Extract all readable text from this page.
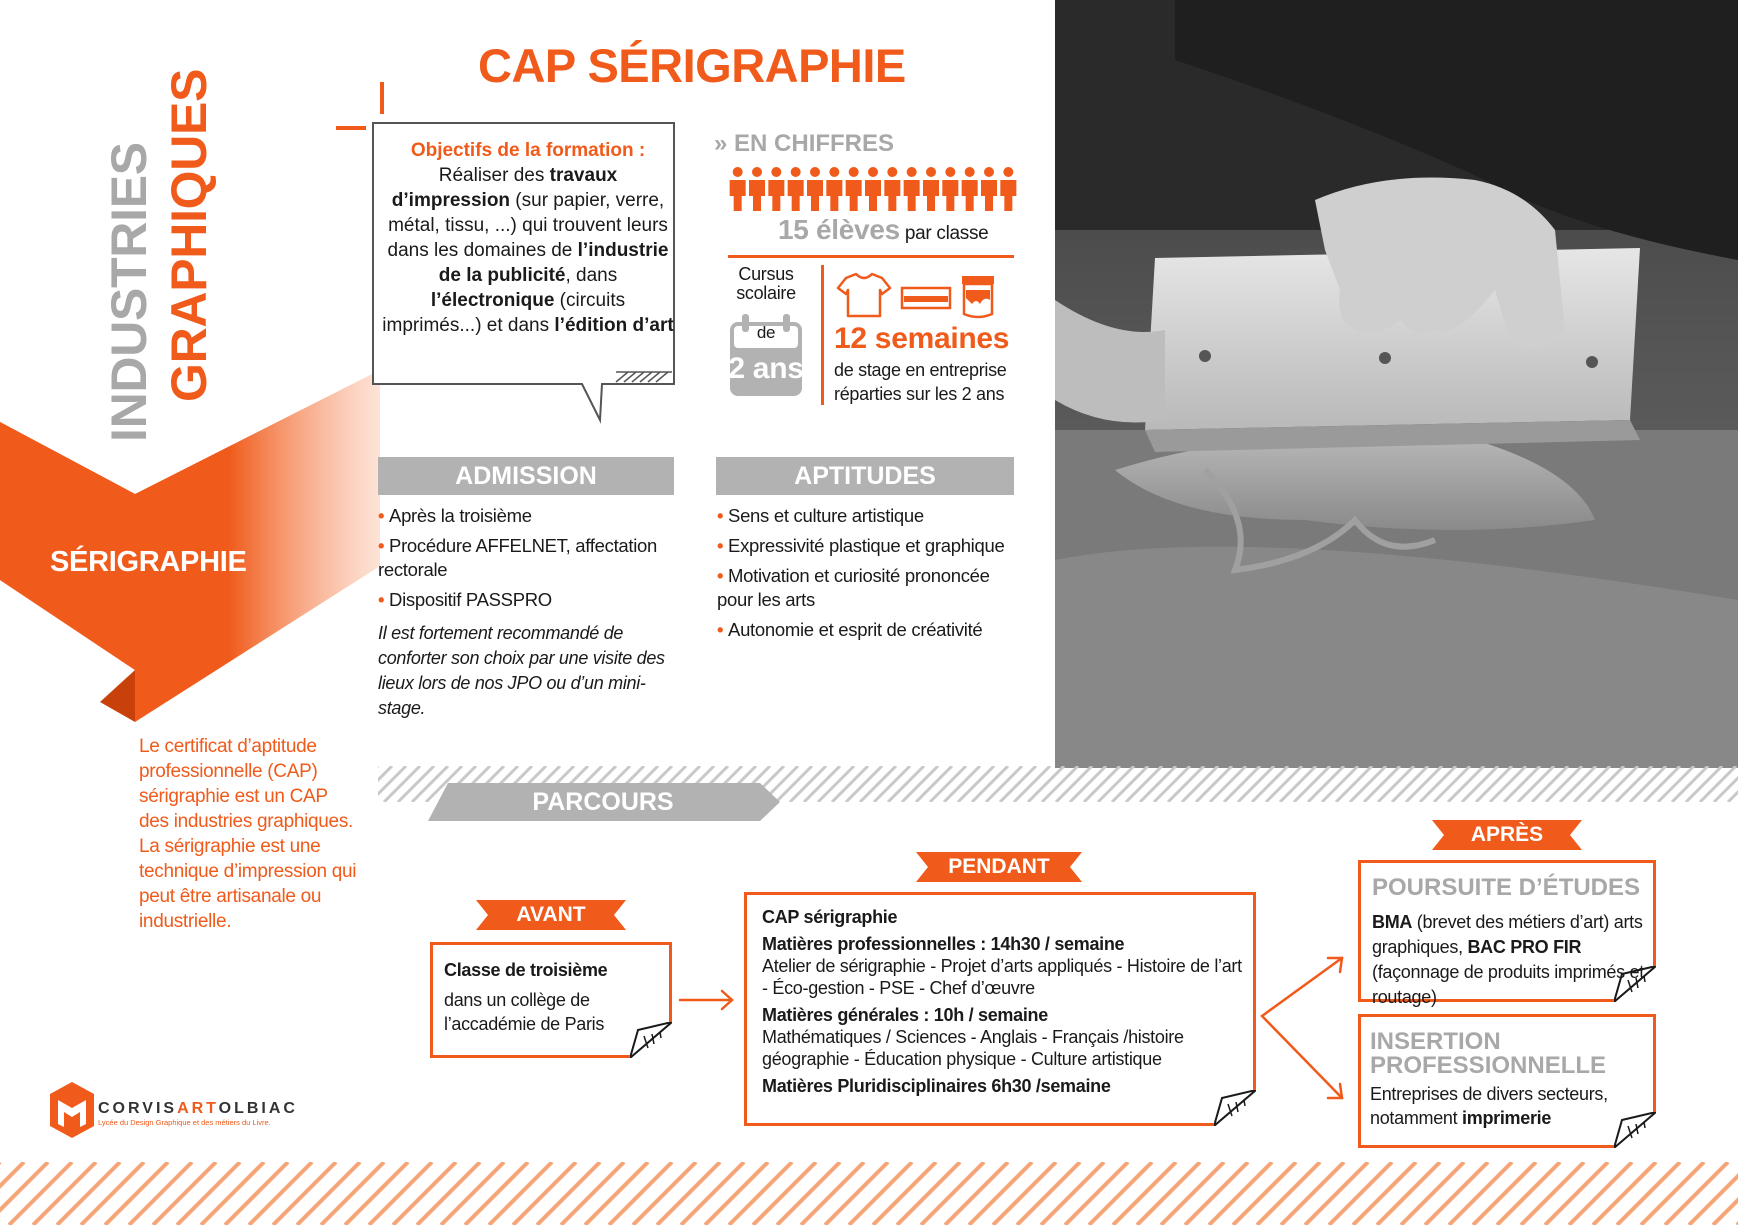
CAP SÉRIGRAPHIE
INDUSTRIES GRAPHIQUES
SÉRIGRAPHIE
Le certificat d’aptitude professionnelle (CAP) sérigraphie est un CAP des industries graphiques. La sérigraphie est une technique d’impression qui peut être artisanale ou industrielle.
Objectifs de la formation :
Réaliser des travaux d’impression (sur papier, verre, métal, tissu, ...) qui trouvent leurs dans les domaines de l’industrie de la publicité, dans l’électronique (circuits imprimés...) et dans l’édition d’art
» EN CHIFFRES
15 élèves par classe
Cursus scolaire
de
2 ans
12 semaines
de stage en entreprise réparties sur les 2 ans
ADMISSION
• Après la troisième
• Procédure AFFELNET, affectation rectorale
• Dispositif PASSPRO
Il est fortement recommandé de conforter son choix par une visite des lieux lors de nos JPO ou d’un mini-stage.
APTITUDES
• Sens et culture artistique
• Expressivité plastique et graphique
• Motivation et curiosité prononcée pour les arts
• Autonomie et esprit de créativité
PARCOURS
AVANT
PENDANT
APRÈS
Classe de troisième
dans un collège de l’accadémie de Paris
CAP sérigraphie
Matières professionnelles : 14h30 / semaine
Atelier de sérigraphie - Projet d’arts appliqués - Histoire de l’art - Éco-gestion - PSE - Chef d’œuvre
Matières générales : 10h / semaine
Mathématiques / Sciences - Anglais - Français /histoire géographie - Éducation physique - Culture artistique
Matières Pluridisciplinaires 6h30 /semaine
POURSUITE D’ÉTUDES
BMA (brevet des métiers d’art) arts graphiques, BAC PRO FIR (façonnage de produits imprimés et routage)
INSERTION
PROFESSIONNELLE
Entreprises de divers secteurs, notamment imprimerie
CORVISARTOLBIAC
Lycée du Design Graphique et des métiers du Livre.
